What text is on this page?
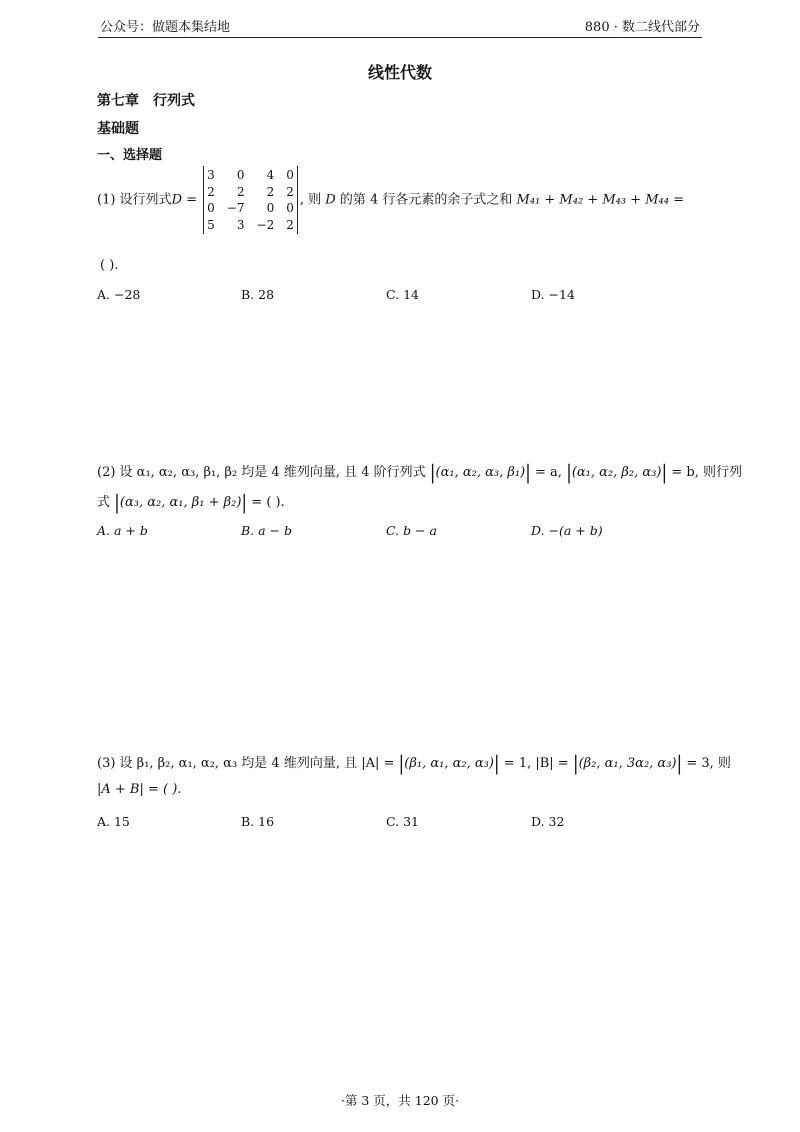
公众号：做题本集结地	880 · 数二线代部分
线性代数
第七章　行列式
基础题
一、选择题
(1) 设行列式D =
3	0	4	0
2	2	2	2
0	−7	0	0
5	3	−2	2
, 则 D 的第 4 行各元素的余子式之和 M₄₁ + M₄₂ + M₄₃ + M₄₄ =
( ).
A. −28	B. 28	C. 14	D. −14
(2) 设 α₁, α₂, α₃, β₁, β₂ 均是 4 维列向量, 且 4 阶行列式 |(α₁, α₂, α₃, β₁)| = a, |(α₁, α₂, β₂, α₃)| = b, 则行列
式 |(α₃, α₂, α₁, β₁ + β₂)| = ( ).
A. a + b	B. a − b	C. b − a	D. −(a + b)
(3) 设 β₁, β₂, α₁, α₂, α₃ 均是 4 维列向量, 且 |A| = |(β₁, α₁, α₂, α₃)| = 1, |B| = |(β₂, α₁, 3α₂, α₃)| = 3, 则
|A + B| = ( ).
A. 15	B. 16	C. 31	D. 32
·第 3 页，共 120 页·
